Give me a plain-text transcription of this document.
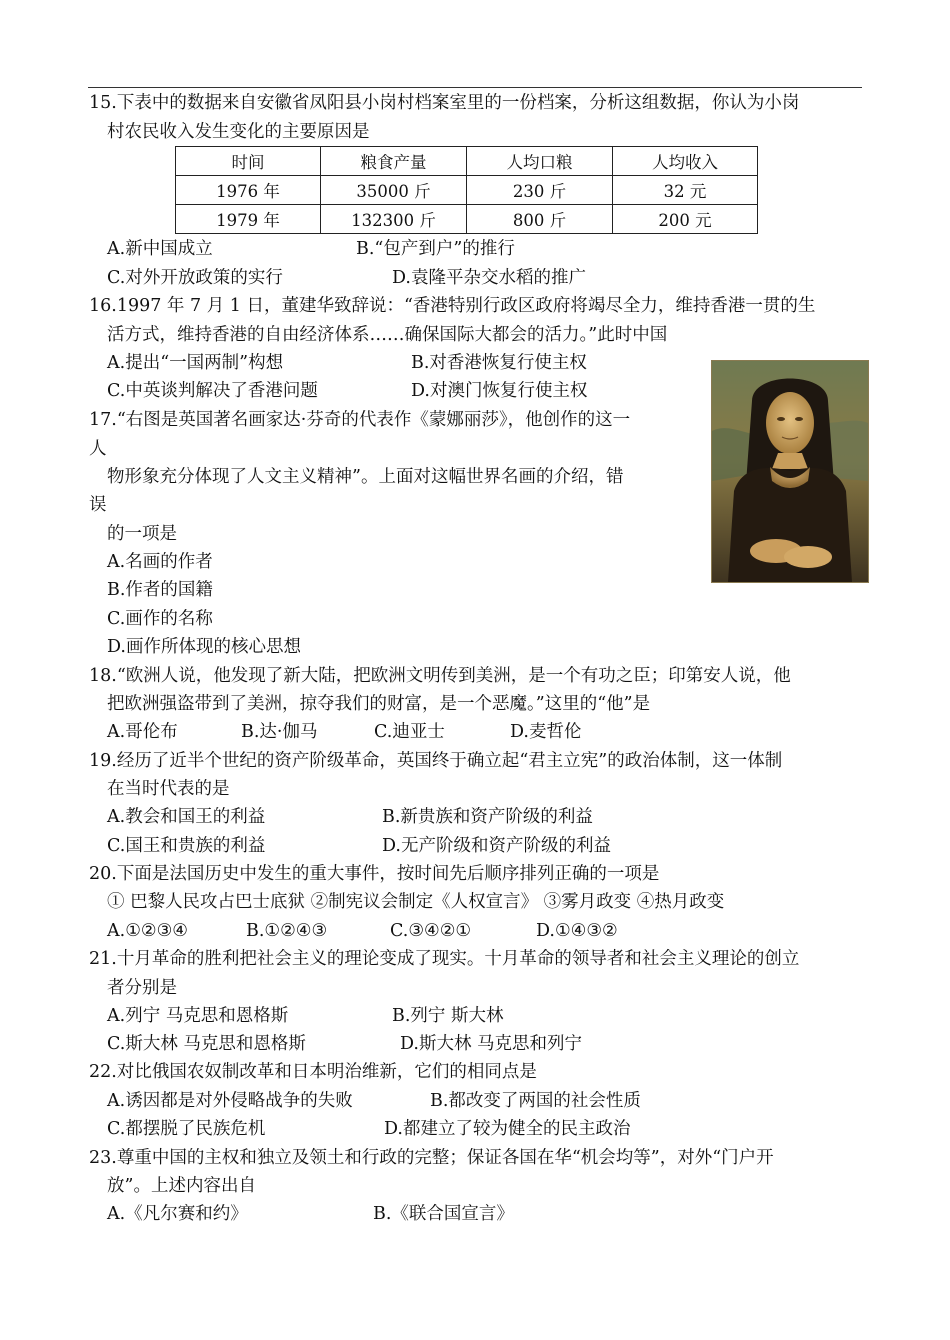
15.下表中的数据来自安徽省凤阳县小岗村档案室里的一份档案，分析这组数据，你认为小岗
村农民收入发生变化的主要原因是
时间	粮食产量	人均口粮	人均收入
1976 年	35000 斤	230 斤	32 元
1979 年	132300 斤	800 斤	200 元
A.新中国成立	B.“包产到户”的推行
C.对外开放政策的实行	D.袁隆平杂交水稻的推广
16.1997 年 7 月 1 日，董建华致辞说：“香港特别行政区政府将竭尽全力，维持香港一贯的生
活方式，维持香港的自由经济体系……确保国际大都会的活力。”此时中国
A.提出“一国两制”构想	B.对香港恢复行使主权
C.中英谈判解决了香港问题	D.对澳门恢复行使主权
17.“右图是英国著名画家达·芬奇的代表作《蒙娜丽莎》，他创作的这一
人
物形象充分体现了人文主义精神”。上面对这幅世界名画的介绍，错
误
的一项是
A.名画的作者
B.作者的国籍
C.画作的名称
D.画作所体现的核心思想
18.“欧洲人说，他发现了新大陆，把欧洲文明传到美洲，是一个有功之臣；印第安人说，他
把欧洲强盗带到了美洲，掠夺我们的财富，是一个恶魔。”这里的“他”是
A.哥伦布	B.达·伽马	C.迪亚士	D.麦哲伦
19.经历了近半个世纪的资产阶级革命，英国终于确立起“君主立宪”的政治体制，这一体制
在当时代表的是
A.教会和国王的利益	B.新贵族和资产阶级的利益
C.国王和贵族的利益	D.无产阶级和资产阶级的利益
20.下面是法国历史中发生的重大事件，按时间先后顺序排列正确的一项是
① 巴黎人民攻占巴士底狱 ②制宪议会制定《人权宣言》 ③雾月政变 ④热月政变
A.①②③④	B.①②④③	C.③④②①	D.①④③②
21.十月革命的胜利把社会主义的理论变成了现实。十月革命的领导者和社会主义理论的创立
者分别是
A.列宁 马克思和恩格斯	B.列宁 斯大林
C.斯大林 马克思和恩格斯	D.斯大林 马克思和列宁
22.对比俄国农奴制改革和日本明治维新，它们的相同点是
A.诱因都是对外侵略战争的失败	B.都改变了两国的社会性质
C.都摆脱了民族危机	D.都建立了较为健全的民主政治
23.尊重中国的主权和独立及领土和行政的完整；保证各国在华“机会均等”，对外“门户开
放”。上述内容出自
A.《凡尔赛和约》	B.《联合国宣言》
